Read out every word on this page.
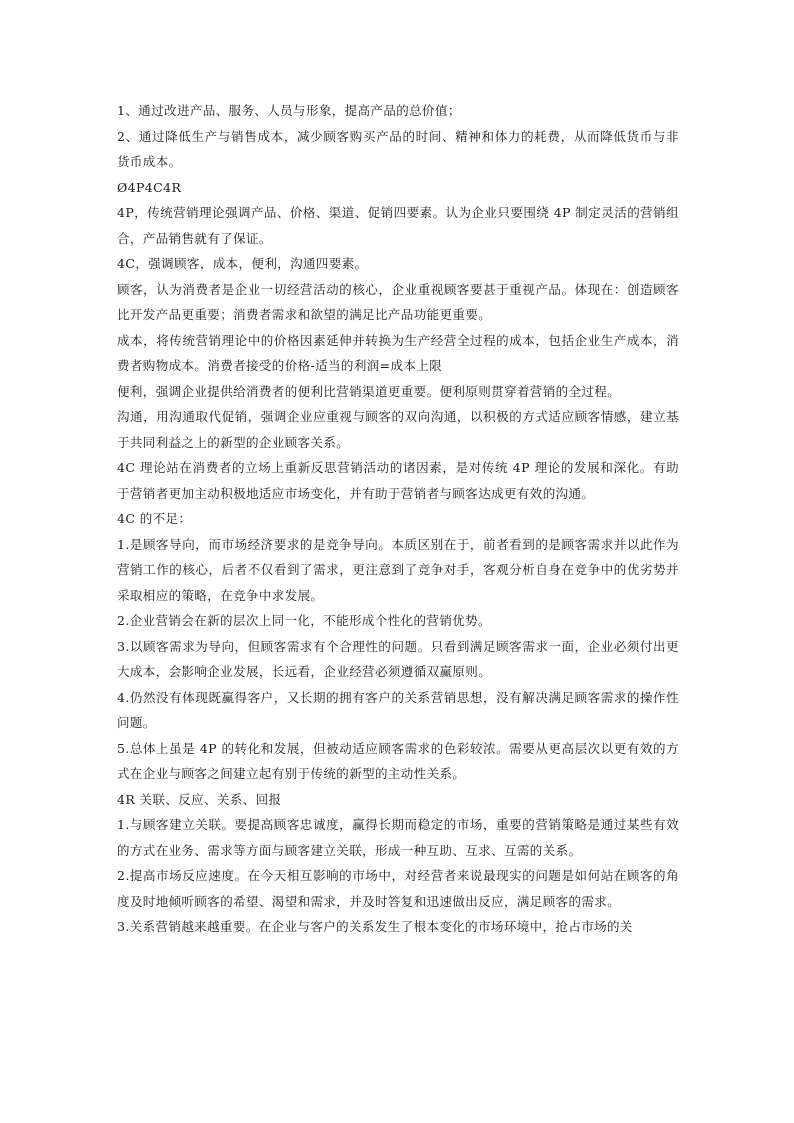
1、通过改进产品、服务、人员与形象，提高产品的总价值；

2、通过降低生产与销售成本，减少顾客购买产品的时间、精神和体力的耗费，从而降低货币与非货币成本。

Ø4P4C4R

4P，传统营销理论强调产品、价格、渠道、促销四要素。认为企业只要围绕 4P 制定灵活的营销组合，产品销售就有了保证。

4C，强调顾客，成本，便利，沟通四要素。

顾客，认为消费者是企业一切经营活动的核心，企业重视顾客要甚于重视产品。体现在：创造顾客比开发产品更重要；消费者需求和欲望的满足比产品功能更重要。

成本，将传统营销理论中的价格因素延伸并转换为生产经营全过程的成本，包括企业生产成本，消费者购物成本。消费者接受的价格-适当的利润=成本上限

便利，强调企业提供给消费者的便利比营销渠道更重要。便利原则贯穿着营销的全过程。

沟通，用沟通取代促销，强调企业应重视与顾客的双向沟通，以积极的方式适应顾客情感，建立基于共同利益之上的新型的企业顾客关系。

4C 理论站在消费者的立场上重新反思营销活动的诸因素，是对传统 4P 理论的发展和深化。有助于营销者更加主动积极地适应市场变化，并有助于营销者与顾客达成更有效的沟通。

4C 的不足：

1.是顾客导向，而市场经济要求的是竞争导向。本质区别在于，前者看到的是顾客需求并以此作为营销工作的核心，后者不仅看到了需求，更注意到了竞争对手，客观分析自身在竞争中的优劣势并采取相应的策略，在竞争中求发展。

2.企业营销会在新的层次上同一化，不能形成个性化的营销优势。

3.以顾客需求为导向，但顾客需求有个合理性的问题。只看到满足顾客需求一面，企业必须付出更大成本，会影响企业发展，长远看，企业经营必须遵循双赢原则。

4.仍然没有体现既赢得客户，又长期的拥有客户的关系营销思想，没有解决满足顾客需求的操作性问题。

5.总体上虽是 4P 的转化和发展，但被动适应顾客需求的色彩较浓。需要从更高层次以更有效的方式在企业与顾客之间建立起有别于传统的新型的主动性关系。

4R 关联、反应、关系、回报

1.与顾客建立关联。要提高顾客忠诚度，赢得长期而稳定的市场，重要的营销策略是通过某些有效的方式在业务、需求等方面与顾客建立关联，形成一种互助、互求、互需的关系。

2.提高市场反应速度。在今天相互影响的市场中，对经营者来说最现实的问题是如何站在顾客的角度及时地倾听顾客的希望、渴望和需求，并及时答复和迅速做出反应，满足顾客的需求。

3.关系营销越来越重要。在企业与客户的关系发生了根本变化的市场环境中，抢占市场的关
